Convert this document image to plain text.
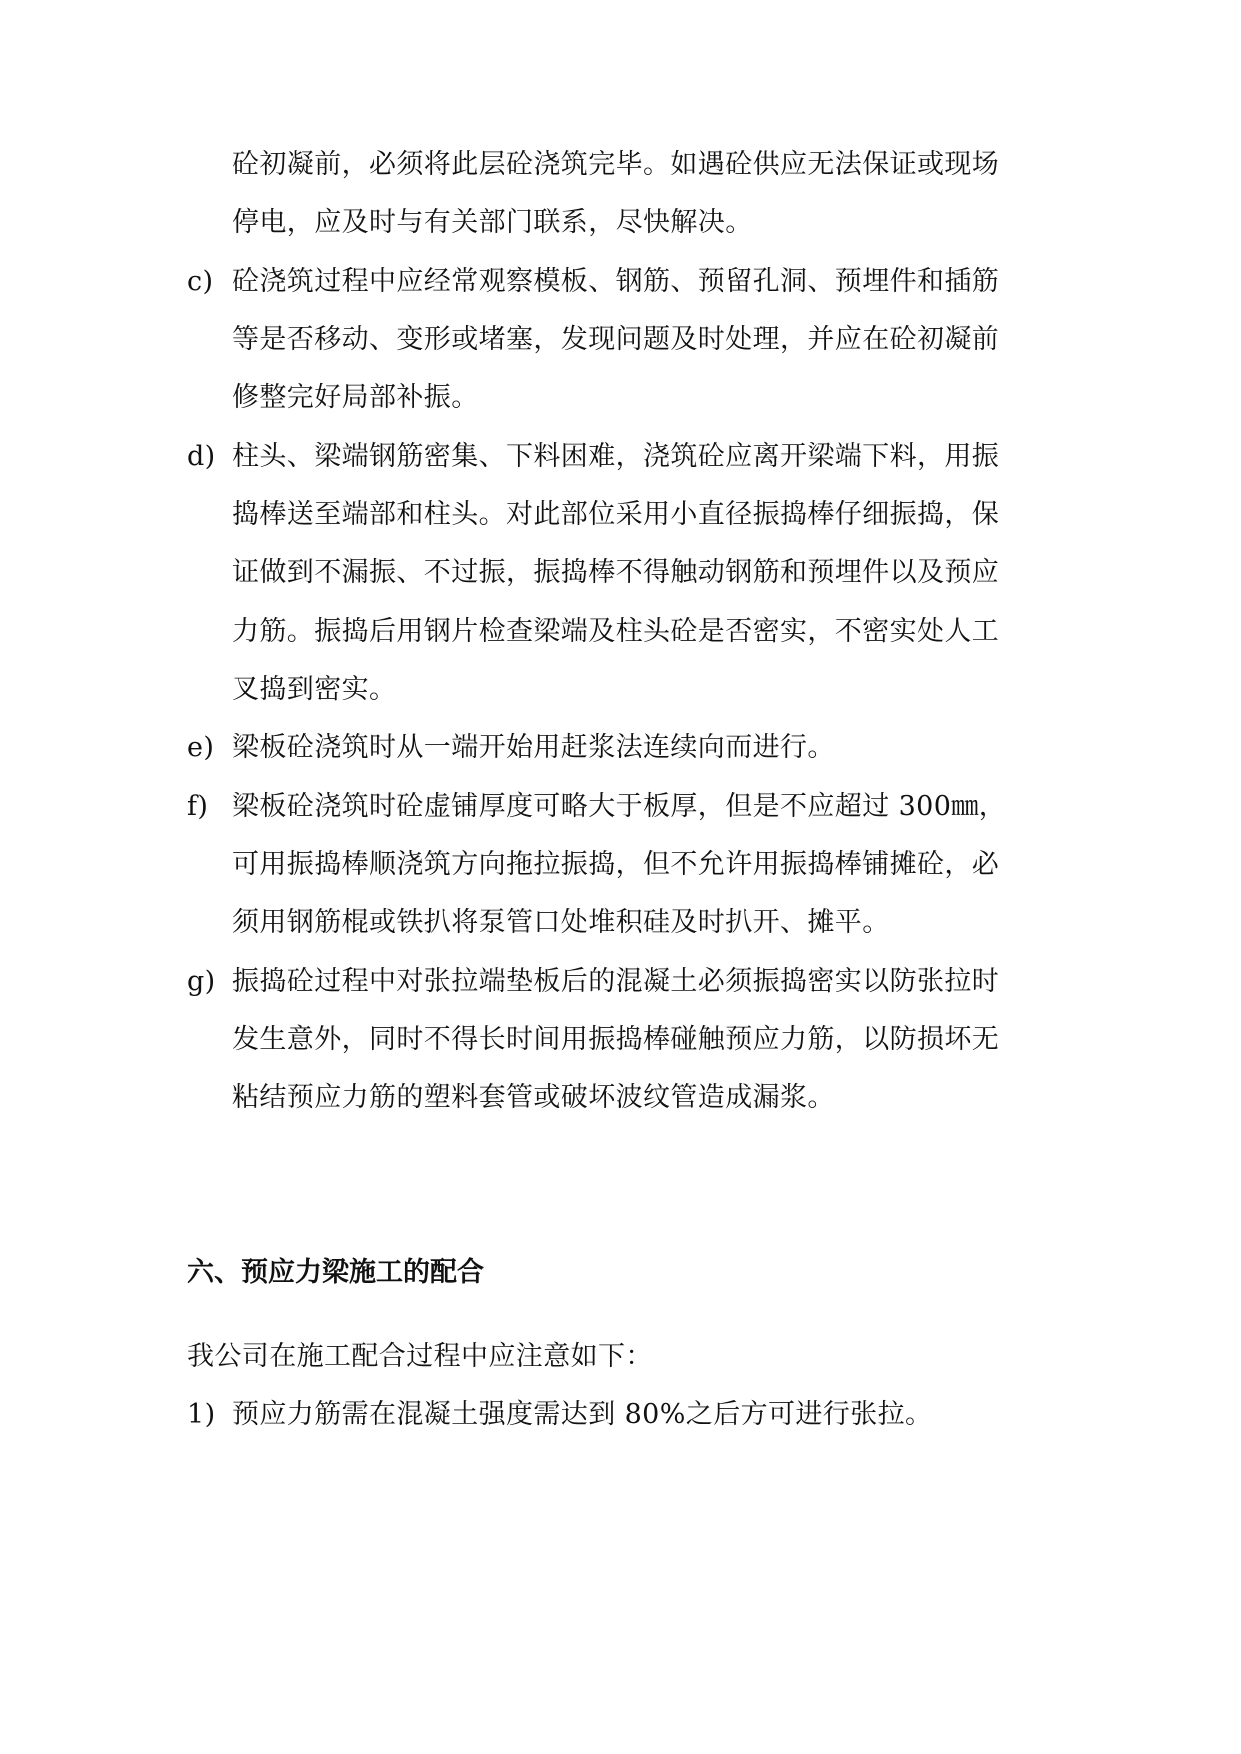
砼初凝前，必须将此层砼浇筑完毕。如遇砼供应无法保证或现场
停电，应及时与有关部门联系，尽快解决。
c) 砼浇筑过程中应经常观察模板、钢筋、预留孔洞、预埋件和插筋
等是否移动、变形或堵塞，发现问题及时处理，并应在砼初凝前
修整完好局部补振。
d) 柱头、梁端钢筋密集、下料困难，浇筑砼应离开梁端下料，用振
捣棒送至端部和柱头。对此部位采用小直径振捣棒仔细振捣，保
证做到不漏振、不过振，振捣棒不得触动钢筋和预埋件以及预应
力筋。振捣后用钢片检查梁端及柱头砼是否密实，不密实处人工
叉捣到密实。
e) 梁板砼浇筑时从一端开始用赶浆法连续向而进行。
f) 梁板砼浇筑时砼虚铺厚度可略大于板厚，但是不应超过 300㎜，
可用振捣棒顺浇筑方向拖拉振捣，但不允许用振捣棒铺摊砼，必
须用钢筋棍或铁扒将泵管口处堆积硅及时扒开、摊平。
g) 振捣砼过程中对张拉端垫板后的混凝土必须振捣密实以防张拉时
发生意外，同时不得长时间用振捣棒碰触预应力筋，以防损坏无
粘结预应力筋的塑料套管或破坏波纹管造成漏浆。
六、预应力梁施工的配合
我公司在施工配合过程中应注意如下：
1) 预应力筋需在混凝土强度需达到 80%之后方可进行张拉。
